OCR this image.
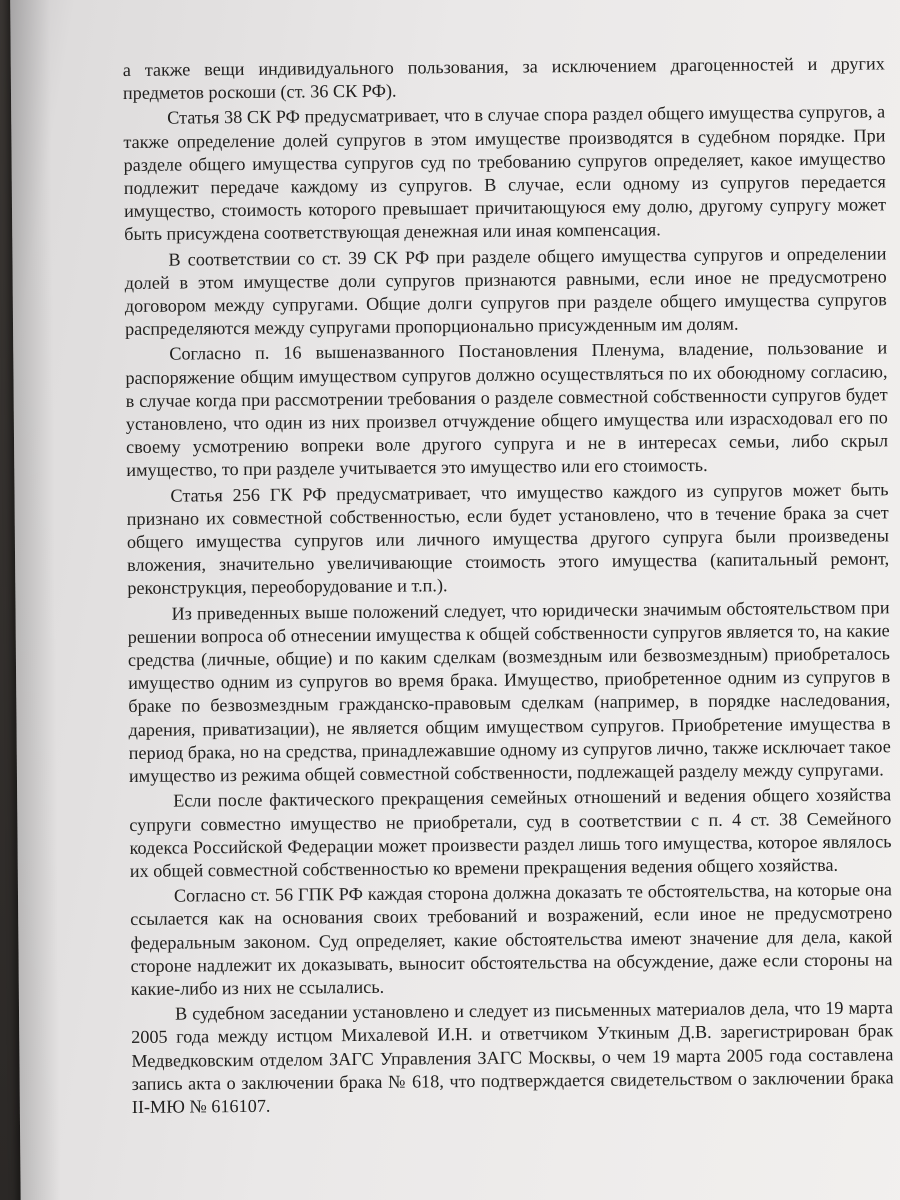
а также вещи индивидуального пользования, за исключением драгоценностей и других предметов роскоши (ст. 36 СК РФ).

Статья 38 СК РФ предусматривает, что в случае спора раздел общего имущества супругов, а также определение долей супругов в этом имуществе производятся в судебном порядке. При разделе общего имущества супругов суд по требованию супругов определяет, какое имущество подлежит передаче каждому из супругов. В случае, если одному из супругов передается имущество, стоимость которого превышает причитающуюся ему долю, другому супругу может быть присуждена соответствующая денежная или иная компенсация.

В соответствии со ст. 39 СК РФ при разделе общего имущества супругов и определении долей в этом имуществе доли супругов признаются равными, если иное не предусмотрено договором между супругами. Общие долги супругов при разделе общего имущества супругов распределяются между супругами пропорционально присужденным им долям.

Согласно п. 16 вышеназванного Постановления Пленума, владение, пользование и распоряжение общим имуществом супругов должно осуществляться по их обоюдному согласию, в случае когда при рассмотрении требования о разделе совместной собственности супругов будет установлено, что один из них произвел отчуждение общего имущества или израсходовал его по своему усмотрению вопреки воле другого супруга и не в интересах семьи, либо скрыл имущество, то при разделе учитывается это имущество или его стоимость.

Статья 256 ГК РФ предусматривает, что имущество каждого из супругов может быть признано их совместной собственностью, если будет установлено, что в течение брака за счет общего имущества супругов или личного имущества другого супруга были произведены вложения, значительно увеличивающие стоимость этого имущества (капитальный ремонт, реконструкция, переоборудование и т.п.).

Из приведенных выше положений следует, что юридически значимым обстоятельством при решении вопроса об отнесении имущества к общей собственности супругов является то, на какие средства (личные, общие) и по каким сделкам (возмездным или безвозмездным) приобреталось имущество одним из супругов во время брака. Имущество, приобретенное одним из супругов в браке по безвозмездным гражданско-правовым сделкам (например, в порядке наследования, дарения, приватизации), не является общим имуществом супругов. Приобретение имущества в период брака, но на средства, принадлежавшие одному из супругов лично, также исключает такое имущество из режима общей совместной собственности, подлежащей разделу между супругами.

Если после фактического прекращения семейных отношений и ведения общего хозяйства супруги совместно имущество не приобретали, суд в соответствии с п. 4 ст. 38 Семейного кодекса Российской Федерации может произвести раздел лишь того имущества, которое являлось их общей совместной собственностью ко времени прекращения ведения общего хозяйства.

Согласно ст. 56 ГПК РФ каждая сторона должна доказать те обстоятельства, на которые она ссылается как на основания своих требований и возражений, если иное не предусмотрено федеральным законом. Суд определяет, какие обстоятельства имеют значение для дела, какой стороне надлежит их доказывать, выносит обстоятельства на обсуждение, даже если стороны на какие-либо из них не ссылались.

В судебном заседании установлено и следует из письменных материалов дела, что 19 марта 2005 года между истцом Михалевой И.Н. и ответчиком Уткиным Д.В. зарегистрирован брак Медведковским отделом ЗАГС Управления ЗАГС Москвы, о чем 19 марта 2005 года составлена запись акта о заключении брака № 618, что подтверждается свидетельством о заключении брака II-МЮ № 616107.
